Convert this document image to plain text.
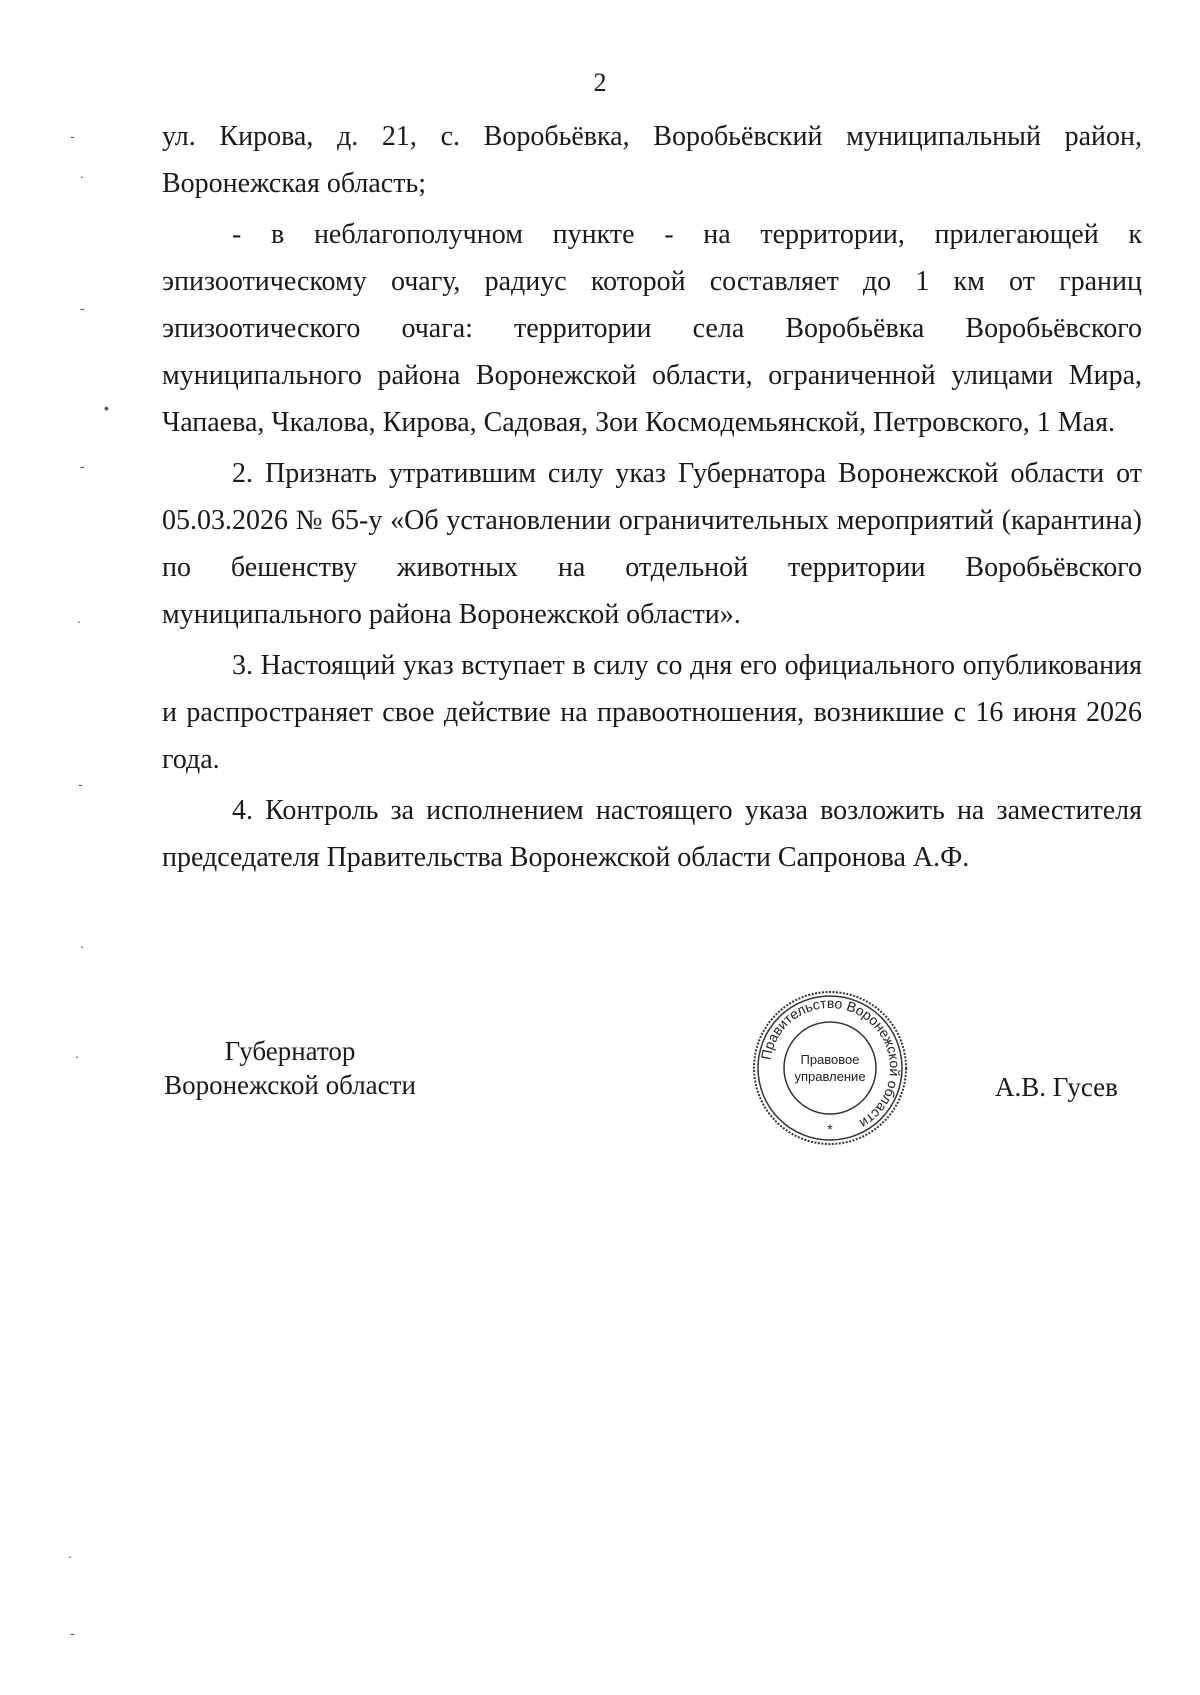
2

ул. Кирова, д. 21, с. Воробьёвка, Воробьёвский муниципальный район, Воронежская область;

- в неблагополучном пункте - на территории, прилегающей к эпизоотическому очагу, радиус которой составляет до 1 км от границ эпизоотического очага: территории села Воробьёвка Воробьёвского муниципального района Воронежской области, ограниченной улицами Мира, Чапаева, Чкалова, Кирова, Садовая, Зои Космодемьянской, Петровского, 1 Мая.

2. Признать утратившим силу указ Губернатора Воронежской области от 05.03.2026 № 65-у «Об установлении ограничительных мероприятий (карантина) по бешенству животных на отдельной территории Воробьёвского муниципального района Воронежской области».

3. Настоящий указ вступает в силу со дня его официального опубликования и распространяет свое действие на правоотношения, возникшие с 16 июня 2026 года.

4. Контроль за исполнением настоящего указа возложить на заместителя председателя Правительства Воронежской области Сапронова А.Ф.

Губернатор
Воронежской области
Правительство Воронежской области
Правовое
управление
*
А.В. Гусев
-
.
-
•
-
.
-
.
.
.
-
